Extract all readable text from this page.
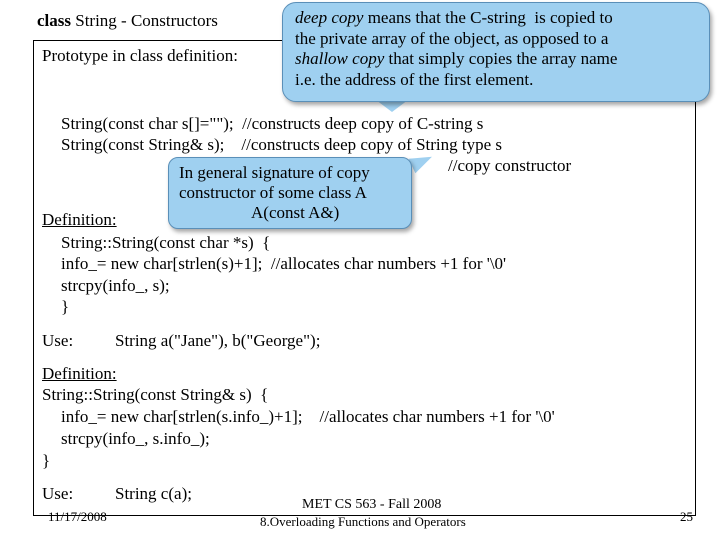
class String - Constructors
Prototype in class definition:
deep copy means that the C-string  is copied to
the private array of the object, as opposed to a
shallow copy that simply copies the array name
i.e. the address of the first element.
String(const char s[]="");  //constructs deep copy of C-string s
String(const String& s);    //constructs deep copy of String type s
//copy constructor
In general signature of copy
constructor of some class A
A(const A&)
Definition:
String::String(const char *s)  {
info_= new char[strlen(s)+1];  //allocates char numbers +1 for '\0'
strcpy(info_, s);
}
Use: String a("Jane"), b("George");
Definition:
String::String(const String& s)  {
info_= new char[strlen(s.info_)+1];    //allocates char numbers +1 for '\0'
strcpy(info_, s.info_);
}
Use: String c(a);
11/17/2008
MET CS 563 - Fall 2008
8.Overloading Functions and Operators	25
